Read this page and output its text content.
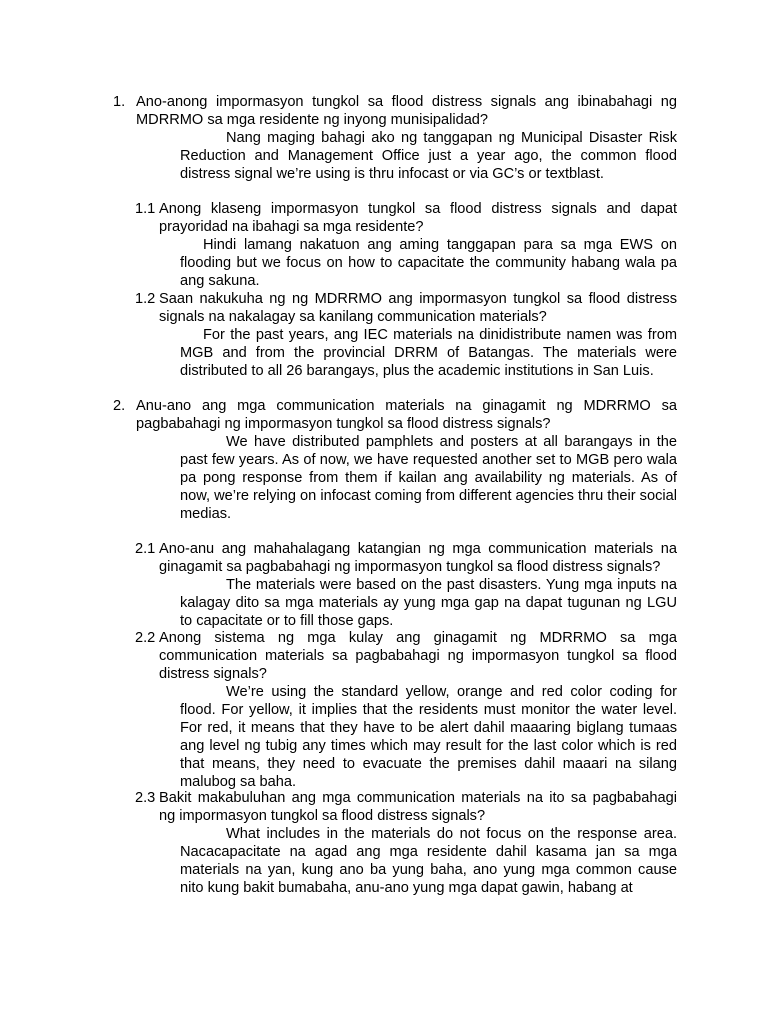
1. Ano-anong impormasyon tungkol sa flood distress signals ang ibinabahagi ng MDRRMO sa mga residente ng inyong munisipalidad?

Nang maging bahagi ako ng tanggapan ng Municipal Disaster Risk Reduction and Management Office just a year ago, the common flood distress signal we’re using is thru infocast or via GC’s or textblast.

1.1 Anong klaseng impormasyon tungkol sa flood distress signals and dapat prayoridad na ibahagi sa mga residente?

Hindi lamang nakatuon ang aming tanggapan para sa mga EWS on flooding but we focus on how to capacitate the community habang wala pa ang sakuna.

1.2 Saan nakukuha ng ng MDRRMO ang impormasyon tungkol sa flood distress signals na nakalagay sa kanilang communication materials?

For the past years, ang IEC materials na dinidistribute namen was from MGB and from the provincial DRRM of Batangas. The materials were distributed to all 26 barangays, plus the academic institutions in San Luis.

2. Anu-ano ang mga communication materials na ginagamit ng MDRRMO sa pagbabahagi ng impormasyon tungkol sa flood distress signals?

We have distributed pamphlets and posters at all barangays in the past few years. As of now, we have requested another set to MGB pero wala pa pong response from them if kailan ang availability ng materials. As of now, we’re relying on infocast coming from different agencies thru their social medias.

2.1 Ano-anu ang mahahalagang katangian ng mga communication materials na ginagamit sa pagbabahagi ng impormasyon tungkol sa flood distress signals?

The materials were based on the past disasters. Yung mga inputs na kalagay dito sa mga materials ay yung mga gap na dapat tugunan ng LGU to capacitate or to fill those gaps.

2.2 Anong sistema ng mga kulay ang ginagamit ng MDRRMO sa mga communication materials sa pagbabahagi ng impormasyon tungkol sa flood distress signals?

We’re using the standard yellow, orange and red color coding for flood. For yellow, it implies that the residents must monitor the water level. For red, it means that they have to be alert dahil maaaring biglang tumaas ang level ng tubig any times which may result for the last color which is red that means, they need to evacuate the premises dahil maaari na silang malubog sa baha.

2.3 Bakit makabuluhan ang mga communication materials na ito sa pagbabahagi ng impormasyon tungkol sa flood distress signals?

What includes in the materials do not focus on the response area. Nacacapacitate na agad ang mga residente dahil kasama jan sa mga materials na yan, kung ano ba yung baha, ano yung mga common cause nito kung bakit bumabaha, anu-ano yung mga dapat gawin, habang at
